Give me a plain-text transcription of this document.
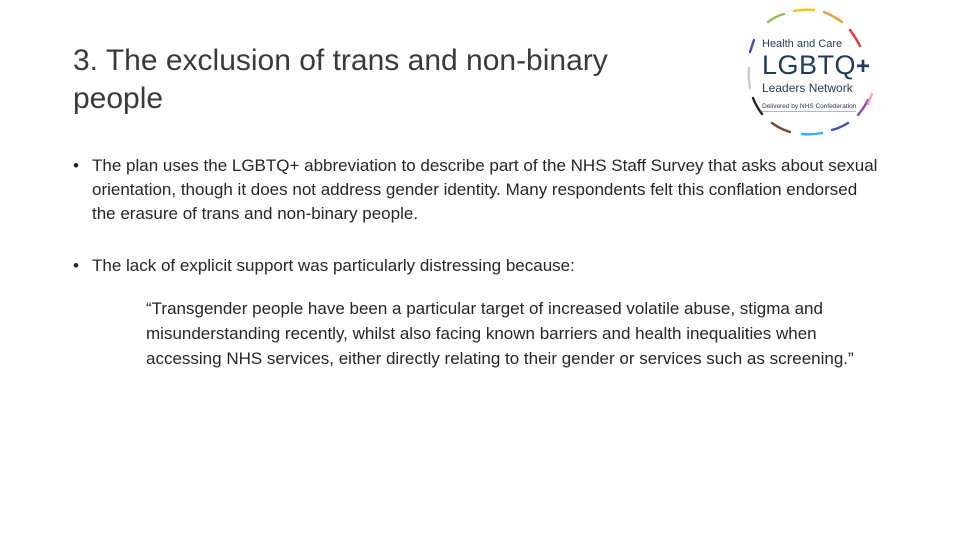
3. The exclusion of trans and non-binary people
Health and Care
LGBTQ+
Leaders Network
Delivered by NHS Confederation
• The plan uses the LGBTQ+ abbreviation to describe part of the NHS Staff Survey that asks about sexual orientation, though it does not address gender identity. Many respondents felt this conflation endorsed the erasure of trans and non-binary people.
• The lack of explicit support was particularly distressing because:
“Transgender people have been a particular target of increased volatile abuse, stigma and misunderstanding recently, whilst also facing known barriers and health inequalities when accessing NHS services, either directly relating to their gender or services such as screening.”
